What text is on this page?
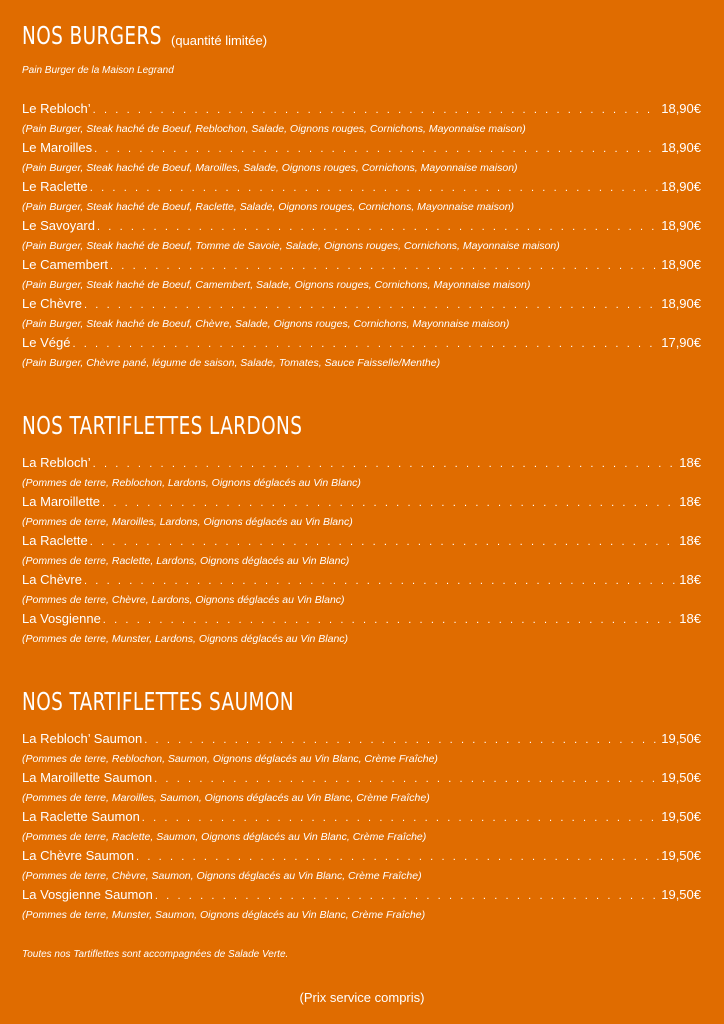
NOS BURGERS (quantité limitée)
Pain Burger de la Maison Legrand
Le Rebloch’ . . .	18,90€
(Pain Burger, Steak haché de Boeuf, Reblochon, Salade, Oignons rouges, Cornichons, Mayonnaise maison)
Le Maroilles . . .	18,90€
(Pain Burger, Steak haché de Boeuf, Maroilles, Salade, Oignons rouges, Cornichons, Mayonnaise maison)
Le Raclette . . .	18,90€
(Pain Burger, Steak haché de Boeuf, Raclette, Salade, Oignons rouges, Cornichons, Mayonnaise maison)
Le Savoyard . . .	18,90€
(Pain Burger, Steak haché de Boeuf, Tomme de Savoie, Salade, Oignons rouges, Cornichons, Mayonnaise maison)
Le Camembert . . .	18,90€
(Pain Burger, Steak haché de Boeuf, Camembert, Salade, Oignons rouges, Cornichons, Mayonnaise maison)
Le Chèvre . . .	18,90€
(Pain Burger, Steak haché de Boeuf, Chèvre, Salade, Oignons rouges, Cornichons, Mayonnaise maison)
Le Végé . . .	17,90€
(Pain Burger, Chèvre pané, légume de saison, Salade, Tomates, Sauce Faisselle/Menthe)
NOS TARTIFLETTES LARDONS
La Rebloch’ . . .	18€
(Pommes de terre, Reblochon, Lardons, Oignons déglacés au Vin Blanc)
La Maroillette . . .	18€
(Pommes de terre, Maroilles, Lardons, Oignons déglacés au Vin Blanc)
La Raclette . . .	18€
(Pommes de terre, Raclette, Lardons, Oignons déglacés au Vin Blanc)
La Chèvre . . .	18€
(Pommes de terre, Chèvre, Lardons, Oignons déglacés au Vin Blanc)
La Vosgienne . . .	18€
(Pommes de terre, Munster, Lardons, Oignons déglacés au Vin Blanc)
NOS TARTIFLETTES SAUMON
La Rebloch’ Saumon . . .	19,50€
(Pommes de terre, Reblochon, Saumon, Oignons déglacés au Vin Blanc, Crème Fraîche)
La Maroillette Saumon . . .	19,50€
(Pommes de terre, Maroilles, Saumon, Oignons déglacés au Vin Blanc, Crème Fraîche)
La Raclette Saumon . . .	19,50€
(Pommes de terre, Raclette, Saumon, Oignons déglacés au Vin Blanc, Crème Fraîche)
La Chèvre Saumon . . .	19,50€
(Pommes de terre, Chèvre, Saumon, Oignons déglacés au Vin Blanc, Crème Fraîche)
La Vosgienne Saumon . . .	19,50€
(Pommes de terre, Munster, Saumon, Oignons déglacés au Vin Blanc, Crème Fraîche)
Toutes nos Tartiflettes sont accompagnées de Salade Verte.
(Prix service compris)
